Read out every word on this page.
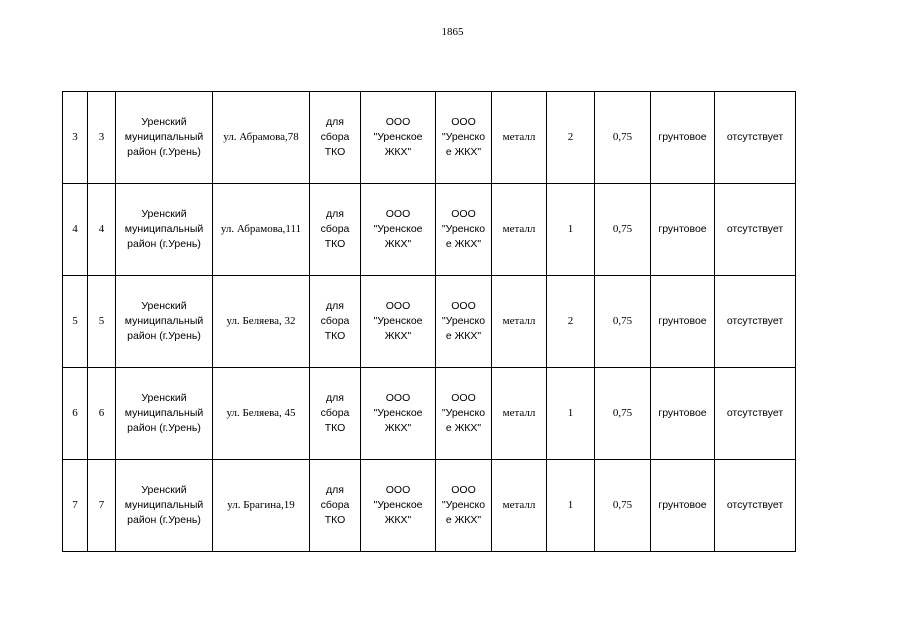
1865
3	3	Уренский
муниципальный
район (г.Урень)	ул. Абрамова,78	для
сбора
ТКО	ООО
"Уренское
ЖКХ"	ООО
"Уренско
е ЖКХ"	металл	2	0,75	грунтовое	отсутствует
4	4	Уренский
муниципальный
район (г.Урень)	ул. Абрамова,111	для
сбора
ТКО	ООО
"Уренское
ЖКХ"	ООО
"Уренско
е ЖКХ"	металл	1	0,75	грунтовое	отсутствует
5	5	Уренский
муниципальный
район (г.Урень)	ул. Беляева, 32	для
сбора
ТКО	ООО
"Уренское
ЖКХ"	ООО
"Уренско
е ЖКХ"	металл	2	0,75	грунтовое	отсутствует
6	6	Уренский
муниципальный
район (г.Урень)	ул. Беляева, 45	для
сбора
ТКО	ООО
"Уренское
ЖКХ"	ООО
"Уренско
е ЖКХ"	металл	1	0,75	грунтовое	отсутствует
7	7	Уренский
муниципальный
район (г.Урень)	ул. Брагина,19	для
сбора
ТКО	ООО
"Уренское
ЖКХ"	ООО
"Уренско
е ЖКХ"	металл	1	0,75	грунтовое	отсутствует
